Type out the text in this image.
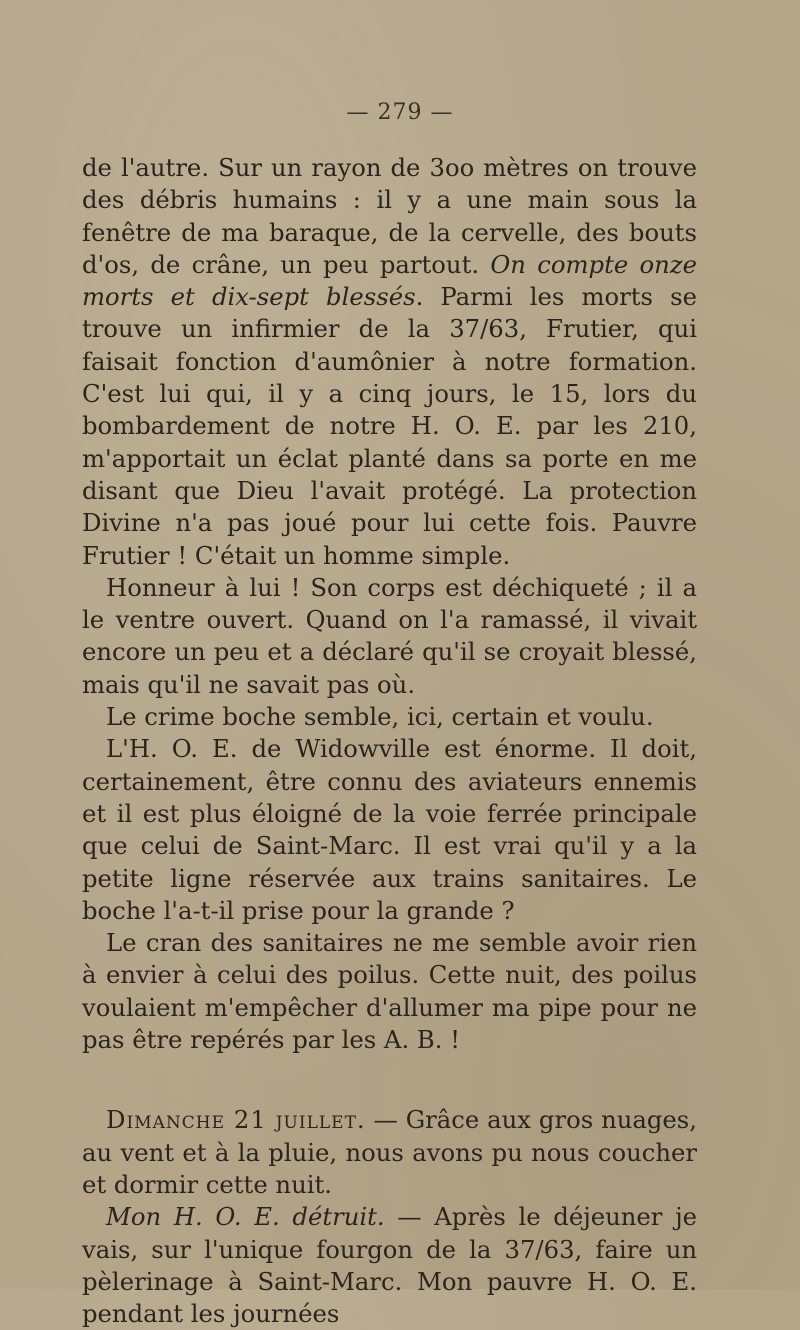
— 279 —

de l'autre. Sur un rayon de 3oo mètres on trouve des débris humains : il y a une main sous la fenêtre de ma baraque, de la cervelle, des bouts d'os, de crâne, un peu partout. On compte onze morts et dix-sept blessés. Parmi les morts se trouve un infirmier de la 37/63, Frutier, qui faisait fonction d'aumônier à notre formation. C'est lui qui, il y a cinq jours, le 15, lors du bombardement de notre H. O. E. par les 210, m'apportait un éclat planté dans sa porte en me disant que Dieu l'avait protégé. La protection Divine n'a pas joué pour lui cette fois. Pauvre Frutier ! C'était un homme simple.

Honneur à lui ! Son corps est déchiqueté ; il a le ventre ouvert. Quand on l'a ramassé, il vivait encore un peu et a déclaré qu'il se croyait blessé, mais qu'il ne savait pas où.

Le crime boche semble, ici, certain et voulu.

L'H. O. E. de Widowville est énorme. Il doit, certainement, être connu des aviateurs ennemis et il est plus éloigné de la voie ferrée principale que celui de Saint-Marc. Il est vrai qu'il y a la petite ligne réservée aux trains sanitaires. Le boche l'a-t-il prise pour la grande ?

Le cran des sanitaires ne me semble avoir rien à envier à celui des poilus. Cette nuit, des poilus voulaient m'empêcher d'allumer ma pipe pour ne pas être repérés par les A. B. !

Dimanche 21 juillet. — Grâce aux gros nuages, au vent et à la pluie, nous avons pu nous coucher et dormir cette nuit.

Mon H. O. E. détruit. — Après le déjeuner je vais, sur l'unique fourgon de la 37/63, faire un pèlerinage à Saint-Marc. Mon pauvre H. O. E. pendant les journées
